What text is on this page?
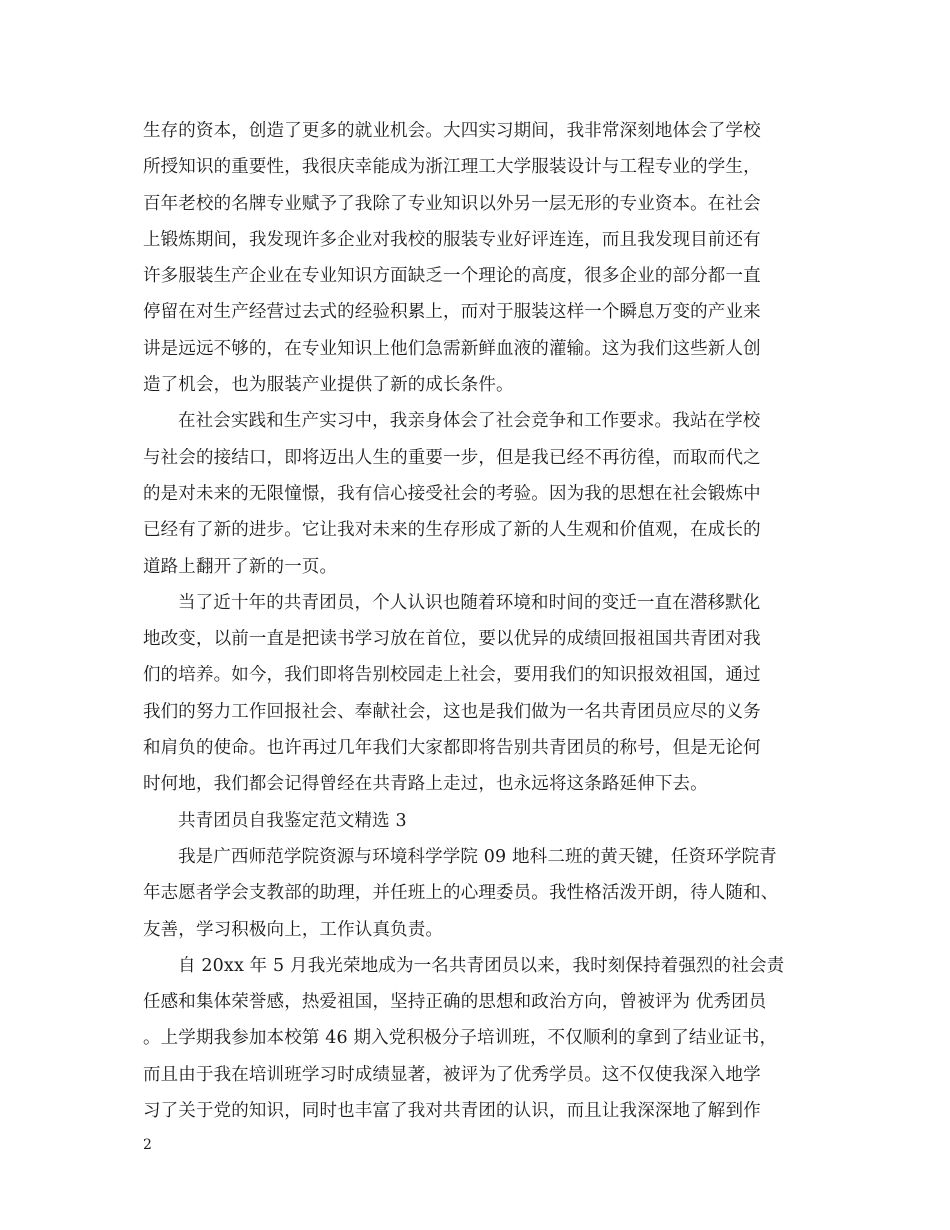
生存的资本，创造了更多的就业机会。大四实习期间，我非常深刻地体会了学校
所授知识的重要性，我很庆幸能成为浙江理工大学服装设计与工程专业的学生，
百年老校的名牌专业赋予了我除了专业知识以外另一层无形的专业资本。在社会
上锻炼期间，我发现许多企业对我校的服装专业好评连连，而且我发现目前还有
许多服装生产企业在专业知识方面缺乏一个理论的高度，很多企业的部分都一直
停留在对生产经营过去式的经验积累上，而对于服装这样一个瞬息万变的产业来
讲是远远不够的，在专业知识上他们急需新鲜血液的灌输。这为我们这些新人创
造了机会，也为服装产业提供了新的成长条件。
在社会实践和生产实习中，我亲身体会了社会竞争和工作要求。我站在学校
与社会的接结口，即将迈出人生的重要一步，但是我已经不再彷徨，而取而代之
的是对未来的无限憧憬，我有信心接受社会的考验。因为我的思想在社会锻炼中
已经有了新的进步。它让我对未来的生存形成了新的人生观和价值观，在成长的
道路上翻开了新的一页。
当了近十年的共青团员，个人认识也随着环境和时间的变迁一直在潜移默化
地改变，以前一直是把读书学习放在首位，要以优异的成绩回报祖国共青团对我
们的培养。如今，我们即将告别校园走上社会，要用我们的知识报效祖国，通过
我们的努力工作回报社会、奉献社会，这也是我们做为一名共青团员应尽的义务
和肩负的使命。也许再过几年我们大家都即将告别共青团员的称号，但是无论何
时何地，我们都会记得曾经在共青路上走过，也永远将这条路延伸下去。
共青团员自我鉴定范文精选 3
我是广西师范学院资源与环境科学学院 09 地科二班的黄天键，任资环学院青
年志愿者学会支教部的助理，并任班上的心理委员。我性格活泼开朗，待人随和、
友善，学习积极向上，工作认真负责。
自 20xx 年 5 月我光荣地成为一名共青团员以来，我时刻保持着强烈的社会责
任感和集体荣誉感，热爱祖国，坚持正确的思想和政治方向，曾被评为 优秀团员
。上学期我参加本校第 46 期入党积极分子培训班，不仅顺利的拿到了结业证书，
而且由于我在培训班学习时成绩显著，被评为了优秀学员。这不仅使我深入地学
习了关于党的知识，同时也丰富了我对共青团的认识，而且让我深深地了解到作
2
